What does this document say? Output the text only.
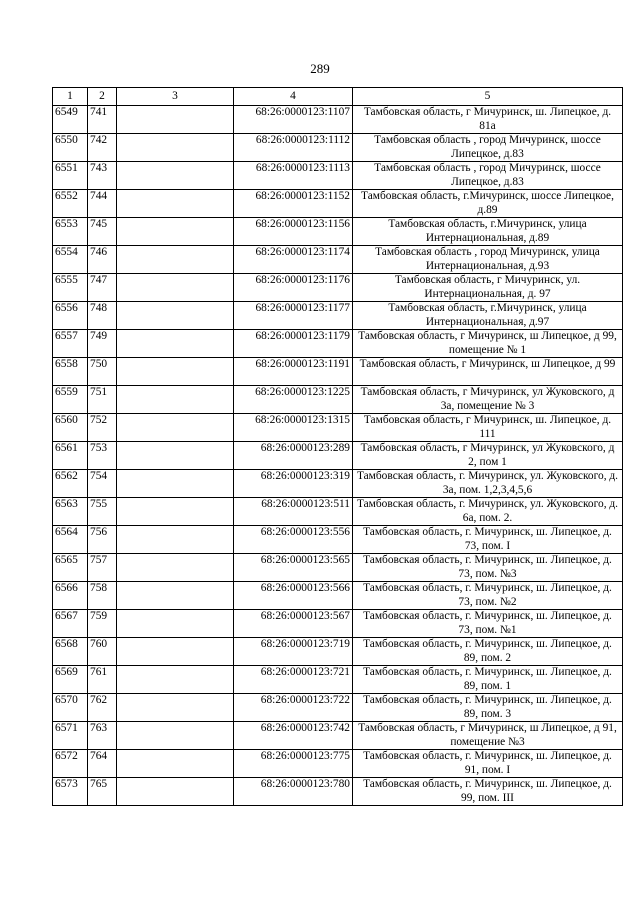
289
1	2	3	4	5
6549	741		68:26:0000123:1107	Тамбовская область, г Мичуринск, ш. Липецкое, д. 81а
6550	742		68:26:0000123:1112	Тамбовская область , город Мичуринск, шоссе Липецкое, д.83
6551	743		68:26:0000123:1113	Тамбовская область , город Мичуринск, шоссе Липецкое, д.83
6552	744		68:26:0000123:1152	Тамбовская область, г.Мичуринск, шоссе Липецкое, д.89
6553	745		68:26:0000123:1156	Тамбовская область, г.Мичуринск, улица Интернациональная, д.89
6554	746		68:26:0000123:1174	Тамбовская область , город Мичуринск, улица Интернациональная, д.93
6555	747		68:26:0000123:1176	Тамбовская область, г Мичуринск, ул. Интернациональная, д. 97
6556	748		68:26:0000123:1177	Тамбовская область, г.Мичуринск, улица Интернациональная, д.97
6557	749		68:26:0000123:1179	Тамбовская область, г Мичуринск, ш Липецкое, д 99, помещение № 1
6558	750		68:26:0000123:1191	Тамбовская область, г Мичуринск, ш Липецкое, д 99
6559	751		68:26:0000123:1225	Тамбовская область, г Мичуринск, ул Жуковского, д 3а, помещение № 3
6560	752		68:26:0000123:1315	Тамбовская область, г Мичуринск, ш. Липецкое, д. 111
6561	753		68:26:0000123:289	Тамбовская область, г Мичуринск, ул Жуковского, д 2, пом 1
6562	754		68:26:0000123:319	Тамбовская область, г. Мичуринск, ул. Жуковского, д. 3а, пом. 1,2,3,4,5,6
6563	755		68:26:0000123:511	Тамбовская область, г. Мичуринск, ул. Жуковского, д. 6а, пом. 2.
6564	756		68:26:0000123:556	Тамбовская область, г. Мичуринск, ш. Липецкое, д. 73, пом. I
6565	757		68:26:0000123:565	Тамбовская область, г. Мичуринск, ш. Липецкое, д. 73, пом. №3
6566	758		68:26:0000123:566	Тамбовская область, г. Мичуринск, ш. Липецкое, д. 73, пом. №2
6567	759		68:26:0000123:567	Тамбовская область, г. Мичуринск, ш. Липецкое, д. 73, пом. №1
6568	760		68:26:0000123:719	Тамбовская область, г. Мичуринск, ш. Липецкое, д. 89, пом. 2
6569	761		68:26:0000123:721	Тамбовская область, г. Мичуринск, ш. Липецкое, д. 89, пом. 1
6570	762		68:26:0000123:722	Тамбовская область, г. Мичуринск, ш. Липецкое, д. 89, пом. 3
6571	763		68:26:0000123:742	Тамбовская область, г Мичуринск, ш Липецкое, д 91, помещение №3
6572	764		68:26:0000123:775	Тамбовская область, г. Мичуринск, ш. Липецкое, д. 91, пом. I
6573	765		68:26:0000123:780	Тамбовская область, г. Мичуринск, ш. Липецкое, д. 99, пом. III
